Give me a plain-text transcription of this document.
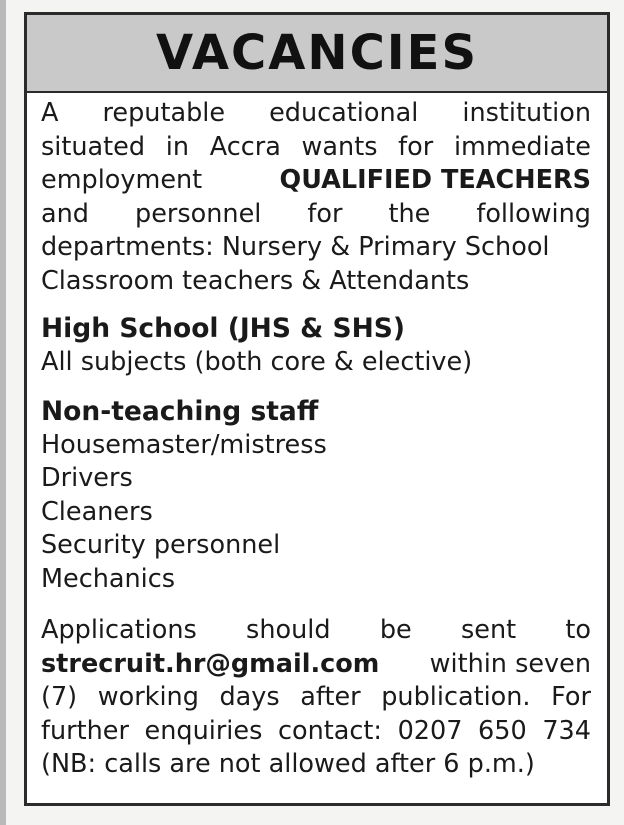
VACANCIES
A reputable educational institution
situated in Accra wants for immediate
employment	QUALIFIED TEACHERS
and personnel for the following
departments: Nursery & Primary School
Classroom teachers & Attendants
High School (JHS & SHS)
All subjects (both core & elective)
Non-teaching staff
Housemaster/mistress
Drivers
Cleaners
Security personnel
Mechanics
Applications should be sent to
strecruit.hr@gmail.com within seven
(7) working days after publication. For
further enquiries contact: 0207 650 734
(NB: calls are not allowed after 6 p.m.)
